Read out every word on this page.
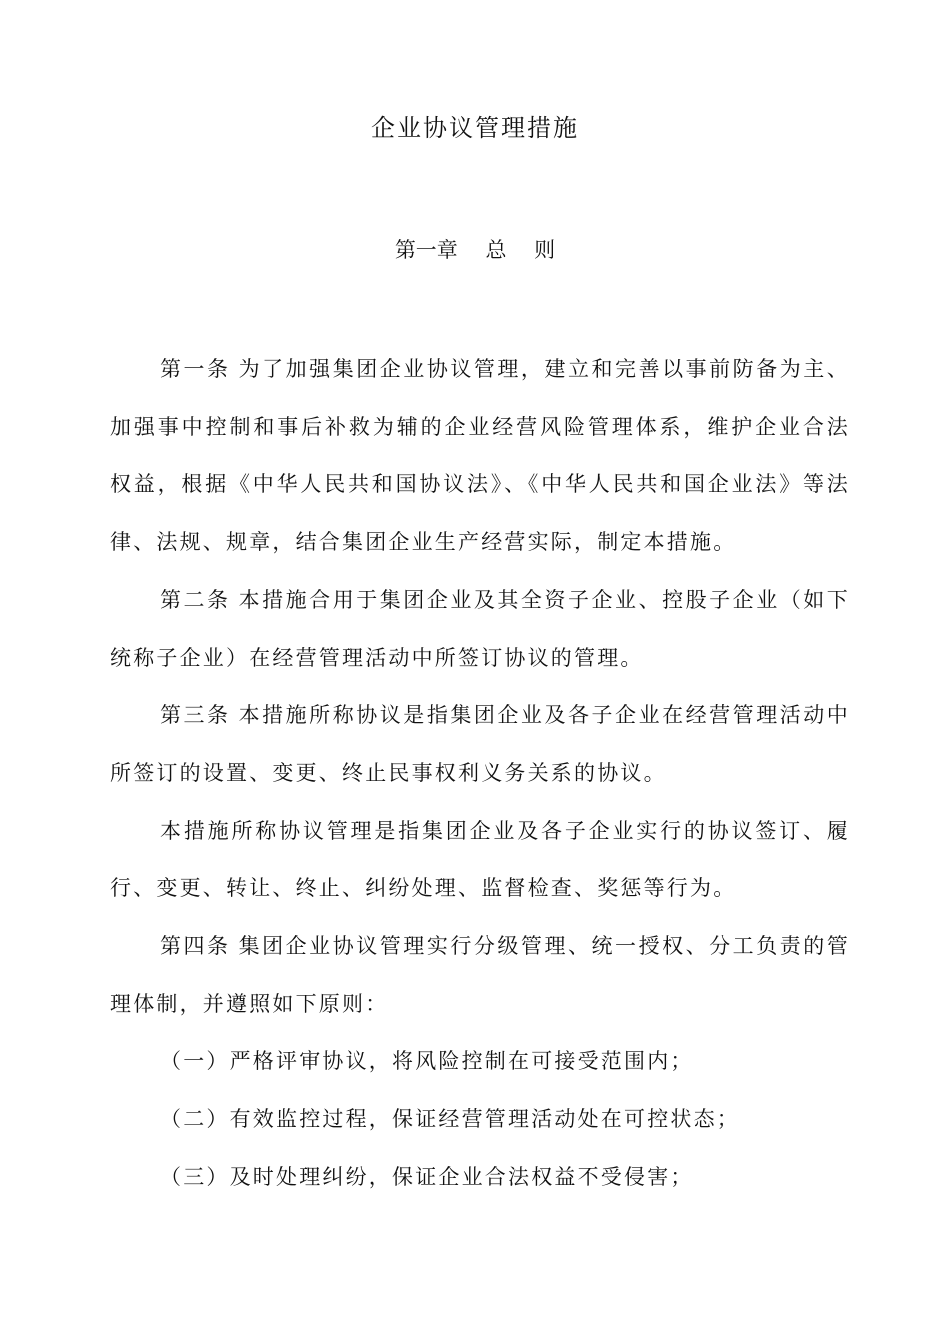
企业协议管理措施
第一章　 总　 则

第一条 为了加强集团企业协议管理，建立和完善以事前防备为主、加强事中控制和事后补救为辅的企业经营风险管理体系，维护企业合法权益，根据《中华人民共和国协议法》、《中华人民共和国企业法》等法律、法规、规章，结合集团企业生产经营实际，制定本措施。

第二条 本措施合用于集团企业及其全资子企业、控股子企业（如下统称子企业）在经营管理活动中所签订协议的管理。

第三条 本措施所称协议是指集团企业及各子企业在经营管理活动中所签订的设置、变更、终止民事权利义务关系的协议。

本措施所称协议管理是指集团企业及各子企业实行的协议签订、履行、变更、转让、终止、纠纷处理、监督检查、奖惩等行为。

第四条 集团企业协议管理实行分级管理、统一授权、分工负责的管理体制，并遵照如下原则：

（一）严格评审协议，将风险控制在可接受范围内；

（二）有效监控过程，保证经营管理活动处在可控状态；

（三）及时处理纠纷，保证企业合法权益不受侵害；
